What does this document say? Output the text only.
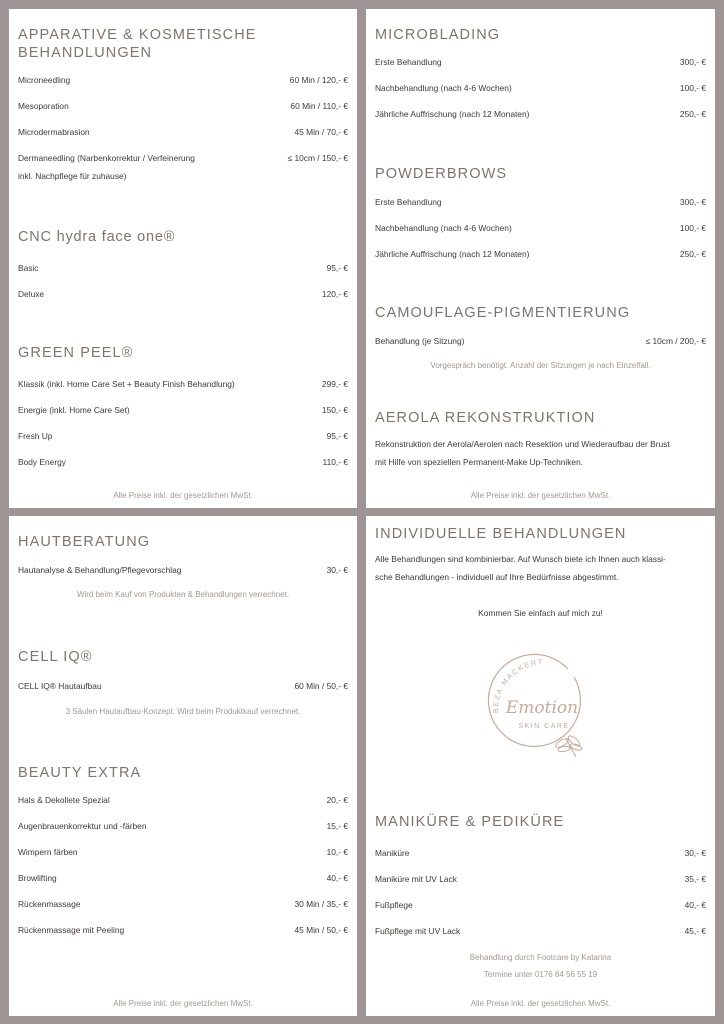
APPARATIVE & KOSMETISCHE
BEHANDLUNGEN
Microneedling	60 Min / 120,- €
Mesoporation	60 Min / 110,- €
Microdermabrasion	45 Min / 70,- €
Dermaneedling (Narbenkorrektur / Verfeinerung	≤ 10cm / 150,- €
inkl. Nachpflege für zuhause)
CNC hydra face one®
Basic	95,- €
Deluxe	120,- €
GREEN PEEL®
Klassik (inkl. Home Care Set + Beauty Finish Behandlung)	299,- €
Energie (inkl. Home Care Set)	150,- €
Fresh Up	95,- €
Body Energy	110,- €
Alle Preise inkl. der gesetzlichen MwSt.
MICROBLADING
Erste Behandlung	300,- €
Nachbehandlung (nach 4-6 Wochen)	100,- €
Jährliche Auffrischung (nach 12 Monaten)	250,- €
POWDERBROWS
Erste Behandlung	300,- €
Nachbehandlung (nach 4-6 Wochen)	100,- €
Jährliche Auffrischung (nach 12 Monaten)	250,- €
CAMOUFLAGE-PIGMENTIERUNG
Behandlung (je Sitzung)	≤ 10cm / 200,- €
Vorgespräch benötigt. Anzahl der Sitzungen je nach Einzelfall.
AEROLA REKONSTRUKTION
Rekonstruktion der Aerola/Aerolen nach Resektion und Wiederaufbau der Brust
mit Hilfe von speziellen Permanent-Make Up-Techniken.
Alle Preise inkl. der gesetzlichen MwSt.
HAUTBERATUNG
Hautanalyse & Behandlung/Pflegevorschlag	30,- €
Wird beim Kauf von Produkten & Behandlungen verrechnet.
CELL IQ®
CELL IQ® Hautaufbau	60 Min / 50,- €
3 Säulen Hautaufbau-Konzept. Wird beim Produktkauf verrechnet.
BEAUTY EXTRA
Hals & Dekollete Spezial	20,- €
Augenbrauenkorrektur und -färben	15,- €
Wimpern färben	10,- €
Browlifting	40,- €
Rückenmassage	30 Min / 35,- €
Rückenmassage mit Peeling	45 Min / 50,- €
Alle Preise inkl. der gesetzlichen MwSt.
INDIVIDUELLE BEHANDLUNGEN
Alle Behandlungen sind kombinierbar. Auf Wunsch biete ich Ihnen auch klassi-
sche Behandlungen - individuell auf Ihre Bedürfnisse abgestimmt.
Kommen Sie einfach auf mich zu!
BEZA MACKERT
Emotion
SKIN CARE
MANIKÜRE & PEDIKÜRE
Maniküre	30,- €
Maniküre mit UV Lack	35,- €
Fußpflege	40,- €
Fußpflege mit UV Lack	45,- €
Behandlung durch Footcare by Katarina
Termine unter 0176 84 56 55 19
Alle Preise inkl. der gesetzlichen MwSt.
